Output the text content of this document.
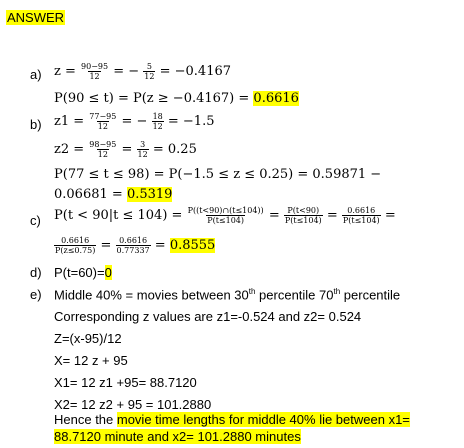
ANSWER
a) $z = \frac{90-95}{12}$ = − $\frac{5}{12} = -0.4167$
P(90 ≤ t) = P(z ≥ −0.4167) = 0.6616
b) $z1 = \frac{77-95}{12}$ = − $\frac{18}{12} = -1.5$
$z2 = \frac{98-95}{12} = \frac{3}{12} = 0.25$
P(77 ≤ t ≤ 98) = P(−1.5 ≤ z ≤ 0.25) = 0.59871 −
0.06681 = 0.5319
c) $P(t < 90|t \le 104) = \frac{P((t<90)\cap(t\le 104))}{P(t\le 104)} = \frac{P(t<90)}{P(t\le 104)} = \frac{0.6616}{P(t\le 104)}$ =
$\frac{0.6616}{P(z\le 0.75)} = \frac{0.6616}{0.77337} = 0.8555$
d) P(t=60)=0
e) Middle 40% = movies between 30th percentile 70th percentile
Corresponding z values are z1=-0.524 and z2= 0.524
Z=(x-95)/12
X= 12 z + 95
X1= 12 z1 +95= 88.7120
X2= 12 z2 + 95 = 101.2880
Hence the movie time lengths for middle 40% lie between x1=
88.7120 minute and x2= 101.2880 minutes
